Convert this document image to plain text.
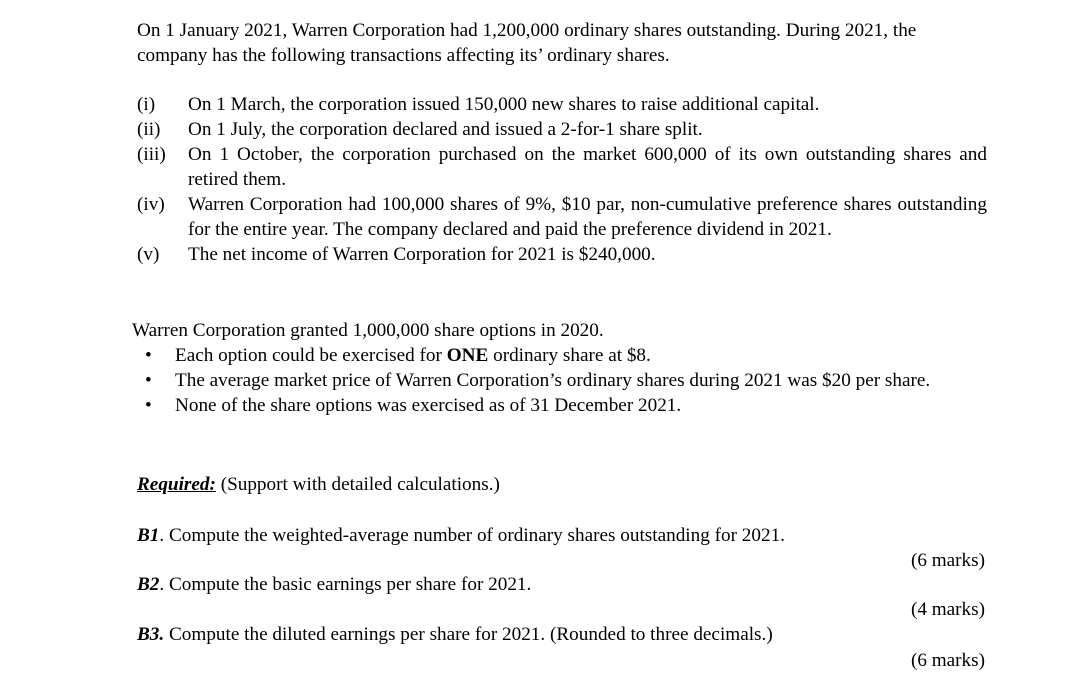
On 1 January 2021, Warren Corporation had 1,200,000 ordinary shares outstanding. During 2021, the company has the following transactions affecting its’ ordinary shares.
(i)	On 1 March, the corporation issued 150,000 new shares to raise additional capital.
(ii)	On 1 July, the corporation declared and issued a 2-for-1 share split.
(iii)	On 1 October, the corporation purchased on the market 600,000 of its own outstanding shares and retired them.
(iv)	Warren Corporation had 100,000 shares of 9%, $10 par, non-cumulative preference shares outstanding for the entire year. The company declared and paid the preference dividend in 2021.
(v)	The net income of Warren Corporation for 2021 is $240,000.
Warren Corporation granted 1,000,000 share options in 2020.
•	Each option could be exercised for ONE ordinary share at $8.
•	The average market price of Warren Corporation’s ordinary shares during 2021 was $20 per share.
•	None of the share options was exercised as of 31 December 2021.
Required: (Support with detailed calculations.)
B1. Compute the weighted-average number of ordinary shares outstanding for 2021.
(6 marks)
B2. Compute the basic earnings per share for 2021.
(4 marks)
B3. Compute the diluted earnings per share for 2021. (Rounded to three decimals.)
(6 marks)
